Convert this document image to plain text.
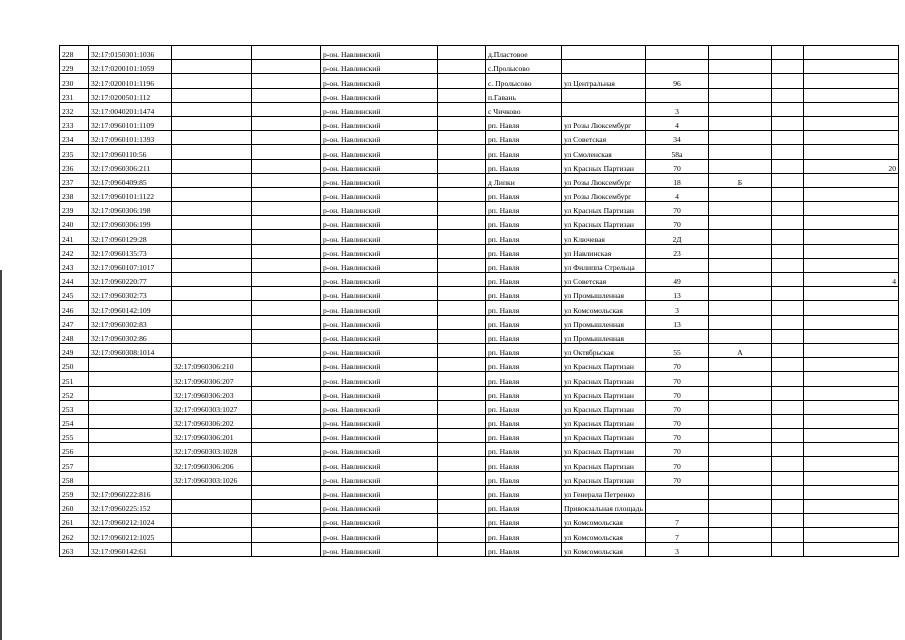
228	32:17:0150301:1036			р-он. Навлинский		д.Пластовое					
229	32:17:0200101:1059			р-он. Навлинский		с.Пролысово					
230	32:17:0200101:1196			р-он. Навлинский		с. Пролысово	ул Центральная	96			
231	32:17:0200501:112			р-он. Навлинский		п.Гавань					
232	32:17:0040201:1474			р-он. Навлинский		с Чичково		3			
233	32:17:0960101:1109			р-он. Навлинский		рп. Навля	ул Розы Люксембург	4			
234	32:17:0960101:1393			р-он. Навлинский		рп. Навля	ул Советская	34			
235	32:17:0960110:56			р-он. Навлинский		рп. Навля	ул Смоленская	58а			
236	32:17:0960306:211			р-он. Навлинский		рп. Навля	ул Красных Партизан	70			20
237	32:17:0960409:85			р-он. Навлинский		д Липки	ул Розы Люксембург	18	Б		
238	32:17:0960101:1122			р-он. Навлинский		рп. Навля	ул Розы Люксембург	4			
239	32:17:0960306:198			р-он. Навлинский		рп. Навля	ул Красных Партизан	70			
240	32:17:0960306:199			р-он. Навлинский		рп. Навля	ул Красных Партизан	70			
241	32:17:0960129:28			р-он. Навлинский		рп. Навля	ул Ключевая	2Д			
242	32:17:0960135:73			р-он. Навлинский		рп. Навля	ул Навлинская	23			
243	32:17:0960107:1017			р-он. Навлинский		рп. Навля	ул Филиппа Стрельца				
244	32:17:0960220:77			р-он. Навлинский		рп. Навля	ул Советская	49			4
245	32:17:0960302:73			р-он. Навлинский		рп. Навля	ул Промышленная	13			
246	32:17:0960142:109			р-он. Навлинский		рп. Навля	ул Комсомольская	3			
247	32:17:0960302:83			р-он. Навлинский		рп. Навля	ул Промышленная	13			
248	32:17:0960302:86			р-он. Навлинский		рп. Навля	ул Промышленная				
249	32:17:0960308:1014			р-он. Навлинский		рп. Навля	ул Октябрьская	55	А		
250		32:17:0960306:210		р-он. Навлинский		рп. Навля	ул Красных Партизан	70			
251		32:17:0960306:207		р-он. Навлинский		рп. Навля	ул Красных Партизан	70			
252		32:17:0960306:203		р-он. Навлинский		рп. Навля	ул Красных Партизан	70			
253		32:17:0960303:1027		р-он. Навлинский		рп. Навля	ул Красных Партизан	70			
254		32:17:0960306:202		р-он. Навлинский		рп. Навля	ул Красных Партизан	70			
255		32:17:0960306:201		р-он. Навлинский		рп. Навля	ул Красных Партизан	70			
256		32:17:0960303:1028		р-он. Навлинский		рп. Навля	ул Красных Партизан	70			
257		32:17:0960306:206		р-он. Навлинский		рп. Навля	ул Красных Партизан	70			
258		32:17:0960303:1026		р-он. Навлинский		рп. Навля	ул Красных Партизан	70			
259	32:17:0960222:816			р-он. Навлинский		рп. Навля	ул Генерала Петренко				
260	32:17:0960225:152			р-он. Навлинский		рп. Навля	Привокзальная площадь				
261	32:17:0960212:1024			р-он. Навлинский		рп. Навля	ул Комсомольская	7			
262	32:17:0960212:1025			р-он. Навлинский		рп. Навля	ул Комсомольская	7			
263	32:17:0960142:61			р-он. Навлинский		рп. Навля	ул Комсомольская	3			
